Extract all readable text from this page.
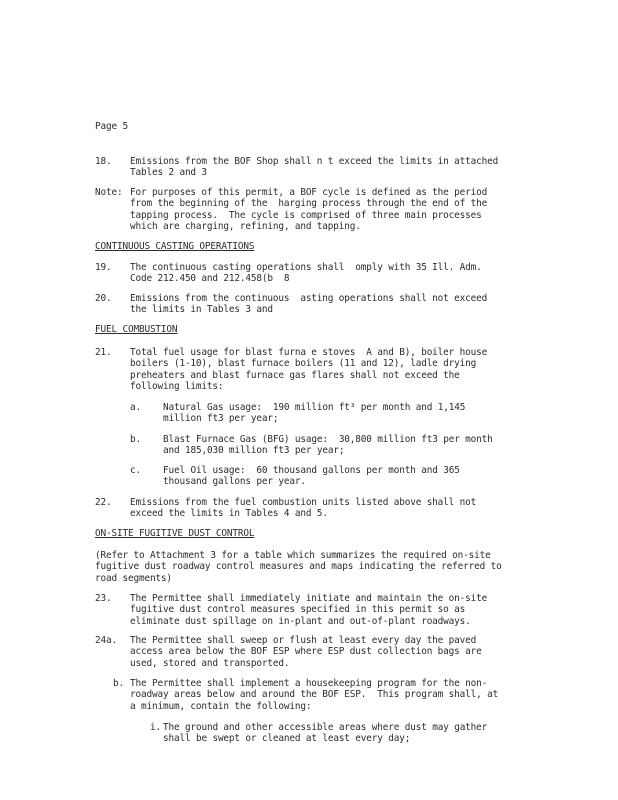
Page 5
18. Emissions from the BOF Shop shall n t exceed the limits in attached
Tables 2 and 3
Note: For purposes of this permit, a BOF cycle is defined as the period
from the beginning of the  harging process through the end of the
tapping process.  The cycle is comprised of three main processes
which are charging, refining, and tapping.
CONTINUOUS CASTING OPERATIONS
19. The continuous casting operations shall  omply with 35 Ill. Adm.
Code 212.450 and 212.458(b  8
20. Emissions from the continuous  asting operations shall not exceed
the limits in Tables 3 and
FUEL COMBUSTION
21. Total fuel usage for blast furna e stoves  A and B), boiler house
boilers (1-10), blast furnace boilers (11 and 12), ladle drying
preheaters and blast furnace gas flares shall not exceed the
following limits:
a. Natural Gas usage:  190 million ft³ per month and 1,145
million ft3 per year;
b. Blast Furnace Gas (BFG) usage:  30,800 million ft3 per month
and 185,030 million ft3 per year;
c. Fuel Oil usage:  60 thousand gallons per month and 365
thousand gallons per year.
22. Emissions from the fuel combustion units listed above shall not
exceed the limits in Tables 4 and 5.
ON-SITE FUGITIVE DUST CONTROL
(Refer to Attachment 3 for a table which summarizes the required on-site
fugitive dust roadway control measures and maps indicating the referred to
road segments)
23. The Permittee shall immediately initiate and maintain the on-site
fugitive dust control measures specified in this permit so as
eliminate dust spillage on in-plant and out-of-plant roadways.
24a. The Permittee shall sweep or flush at least every day the paved
access area below the BOF ESP where ESP dust collection bags are
used, stored and transported.
b. The Permittee shall implement a housekeeping program for the non-
roadway areas below and around the BOF ESP.  This program shall, at
a minimum, contain the following:
i. The ground and other accessible areas where dust may gather
shall be swept or cleaned at least every day;
